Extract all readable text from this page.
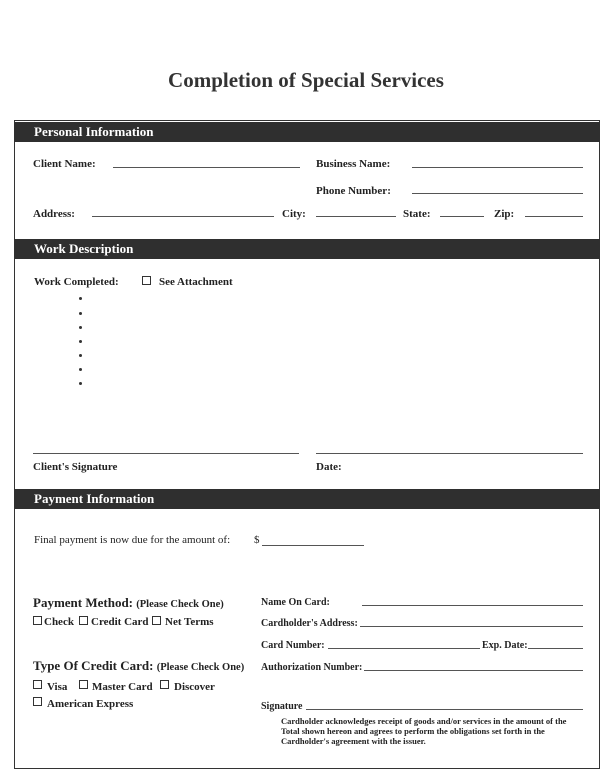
Completion of Special Services
Personal Information
Client Name:	Business Name:
Phone Number:
Address:	City:	State:	Zip:
Work Description
Work Completed:	See Attachment
Client's Signature	Date:
Payment Information
Final payment is now due for the amount of: $
Payment Method: (Please Check One)
Check Credit Card Net Terms
Type Of Credit Card: (Please Check One)
Visa Master Card Discover
American Express
Name On Card:
Cardholder's Address:
Card Number:	Exp. Date:
Authorization Number:
Signature
Cardholder acknowledges receipt of goods and/or services in the amount of the Total shown hereon and agrees to perform the obligations set forth in the Cardholder's agreement with the issuer.
